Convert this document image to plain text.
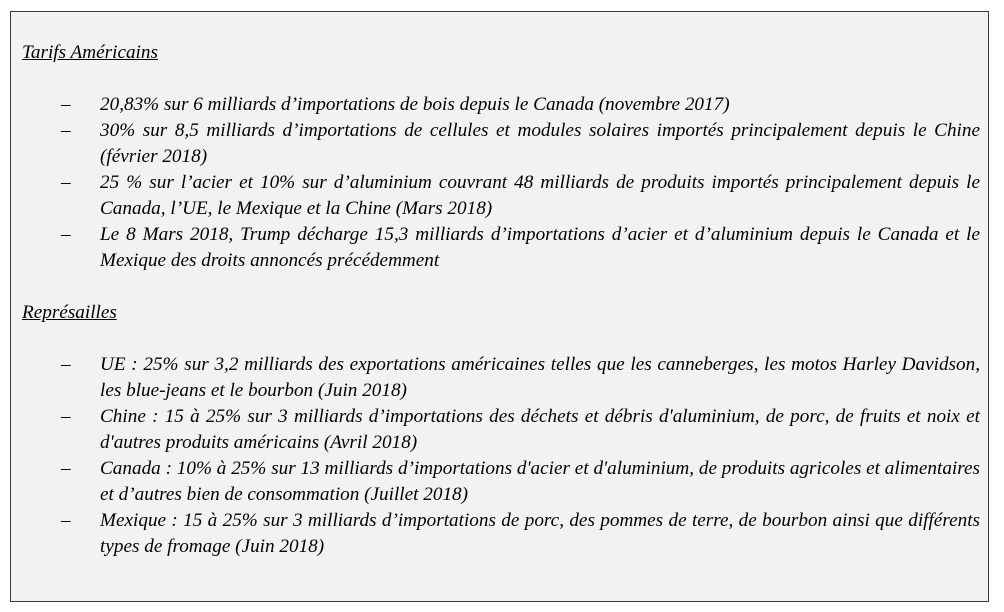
Tarifs Américains

– 20,83% sur 6 milliards d’importations de bois depuis le Canada (novembre 2017)
– 30% sur 8,5 milliards d’importations de cellules et modules solaires importés principalement depuis le Chine (février 2018)
– 25 % sur l’acier et 10% sur d’aluminium couvrant 48 milliards de produits importés principalement depuis le Canada, l’UE, le Mexique et la Chine (Mars 2018)
– Le 8 Mars 2018, Trump décharge 15,3 milliards d’importations d’acier et d’aluminium depuis le Canada et le Mexique des droits annoncés précédemment

Représailles

– UE : 25% sur 3,2 milliards des exportations américaines telles que les canneberges, les motos Harley Davidson, les blue-jeans et le bourbon (Juin 2018)
– Chine : 15 à 25% sur 3 milliards d’importations des déchets et débris d'aluminium, de porc, de fruits et noix et d'autres produits américains (Avril 2018)
– Canada : 10% à 25% sur 13 milliards d’importations d'acier et d'aluminium, de produits agricoles et alimentaires et d’autres bien de consommation (Juillet 2018)
– Mexique : 15 à 25% sur 3 milliards d’importations de porc, des pommes de terre, de bourbon ainsi que différents types de fromage (Juin 2018)
